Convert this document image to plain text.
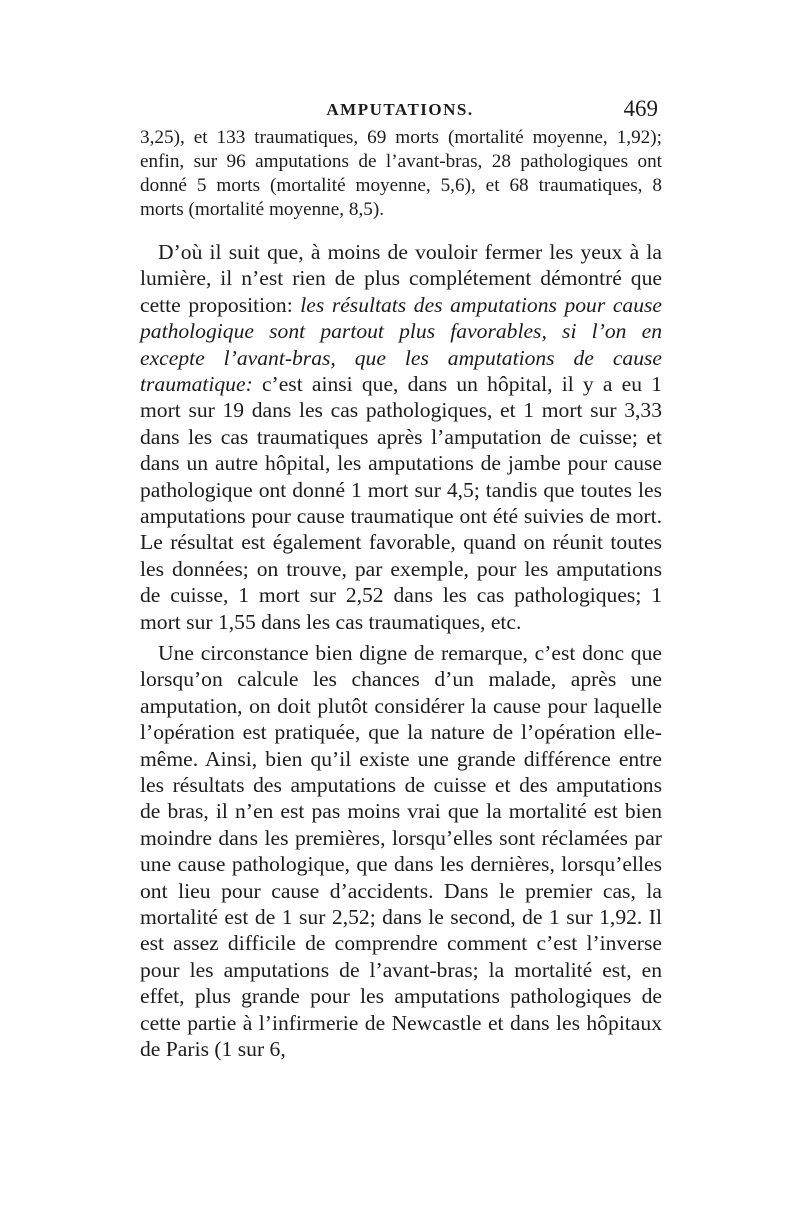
AMPUTATIONS.	469

3,25), et 133 traumatiques, 69 morts (mortalité moyenne, 1,92); enfin, sur 96 amputations de l’avant-bras, 28 pathologiques ont donné 5 morts (mortalité moyenne, 5,6), et 68 traumatiques, 8 morts (mortalité moyenne, 8,5).

D’où il suit que, à moins de vouloir fermer les yeux à la lumière, il n’est rien de plus complétement démontré que cette proposition: les résultats des amputations pour cause pathologique sont partout plus favorables, si l’on en excepte l’avant-bras, que les amputations de cause traumatique: c’est ainsi que, dans un hôpital, il y a eu 1 mort sur 19 dans les cas pathologiques, et 1 mort sur 3,33 dans les cas traumatiques après l’amputation de cuisse; et dans un autre hôpital, les amputations de jambe pour cause pathologique ont donné 1 mort sur 4,5; tandis que toutes les amputations pour cause traumatique ont été suivies de mort. Le résultat est également favorable, quand on réunit toutes les données; on trouve, par exemple, pour les amputations de cuisse, 1 mort sur 2,52 dans les cas pathologiques; 1 mort sur 1,55 dans les cas traumatiques, etc.

Une circonstance bien digne de remarque, c’est donc que lorsqu’on calcule les chances d’un malade, après une amputation, on doit plutôt considérer la cause pour laquelle l’opération est pratiquée, que la nature de l’opération elle-même. Ainsi, bien qu’il existe une grande différence entre les résultats des amputations de cuisse et des amputations de bras, il n’en est pas moins vrai que la mortalité est bien moindre dans les premières, lorsqu’elles sont réclamées par une cause pathologique, que dans les dernières, lorsqu’elles ont lieu pour cause d’accidents. Dans le premier cas, la mortalité est de 1 sur 2,52; dans le second, de 1 sur 1,92. Il est assez difficile de comprendre comment c’est l’inverse pour les amputations de l’avant-bras; la mortalité est, en effet, plus grande pour les amputations pathologiques de cette partie à l’infirmerie de Newcastle et dans les hôpitaux de Paris (1 sur 6,
